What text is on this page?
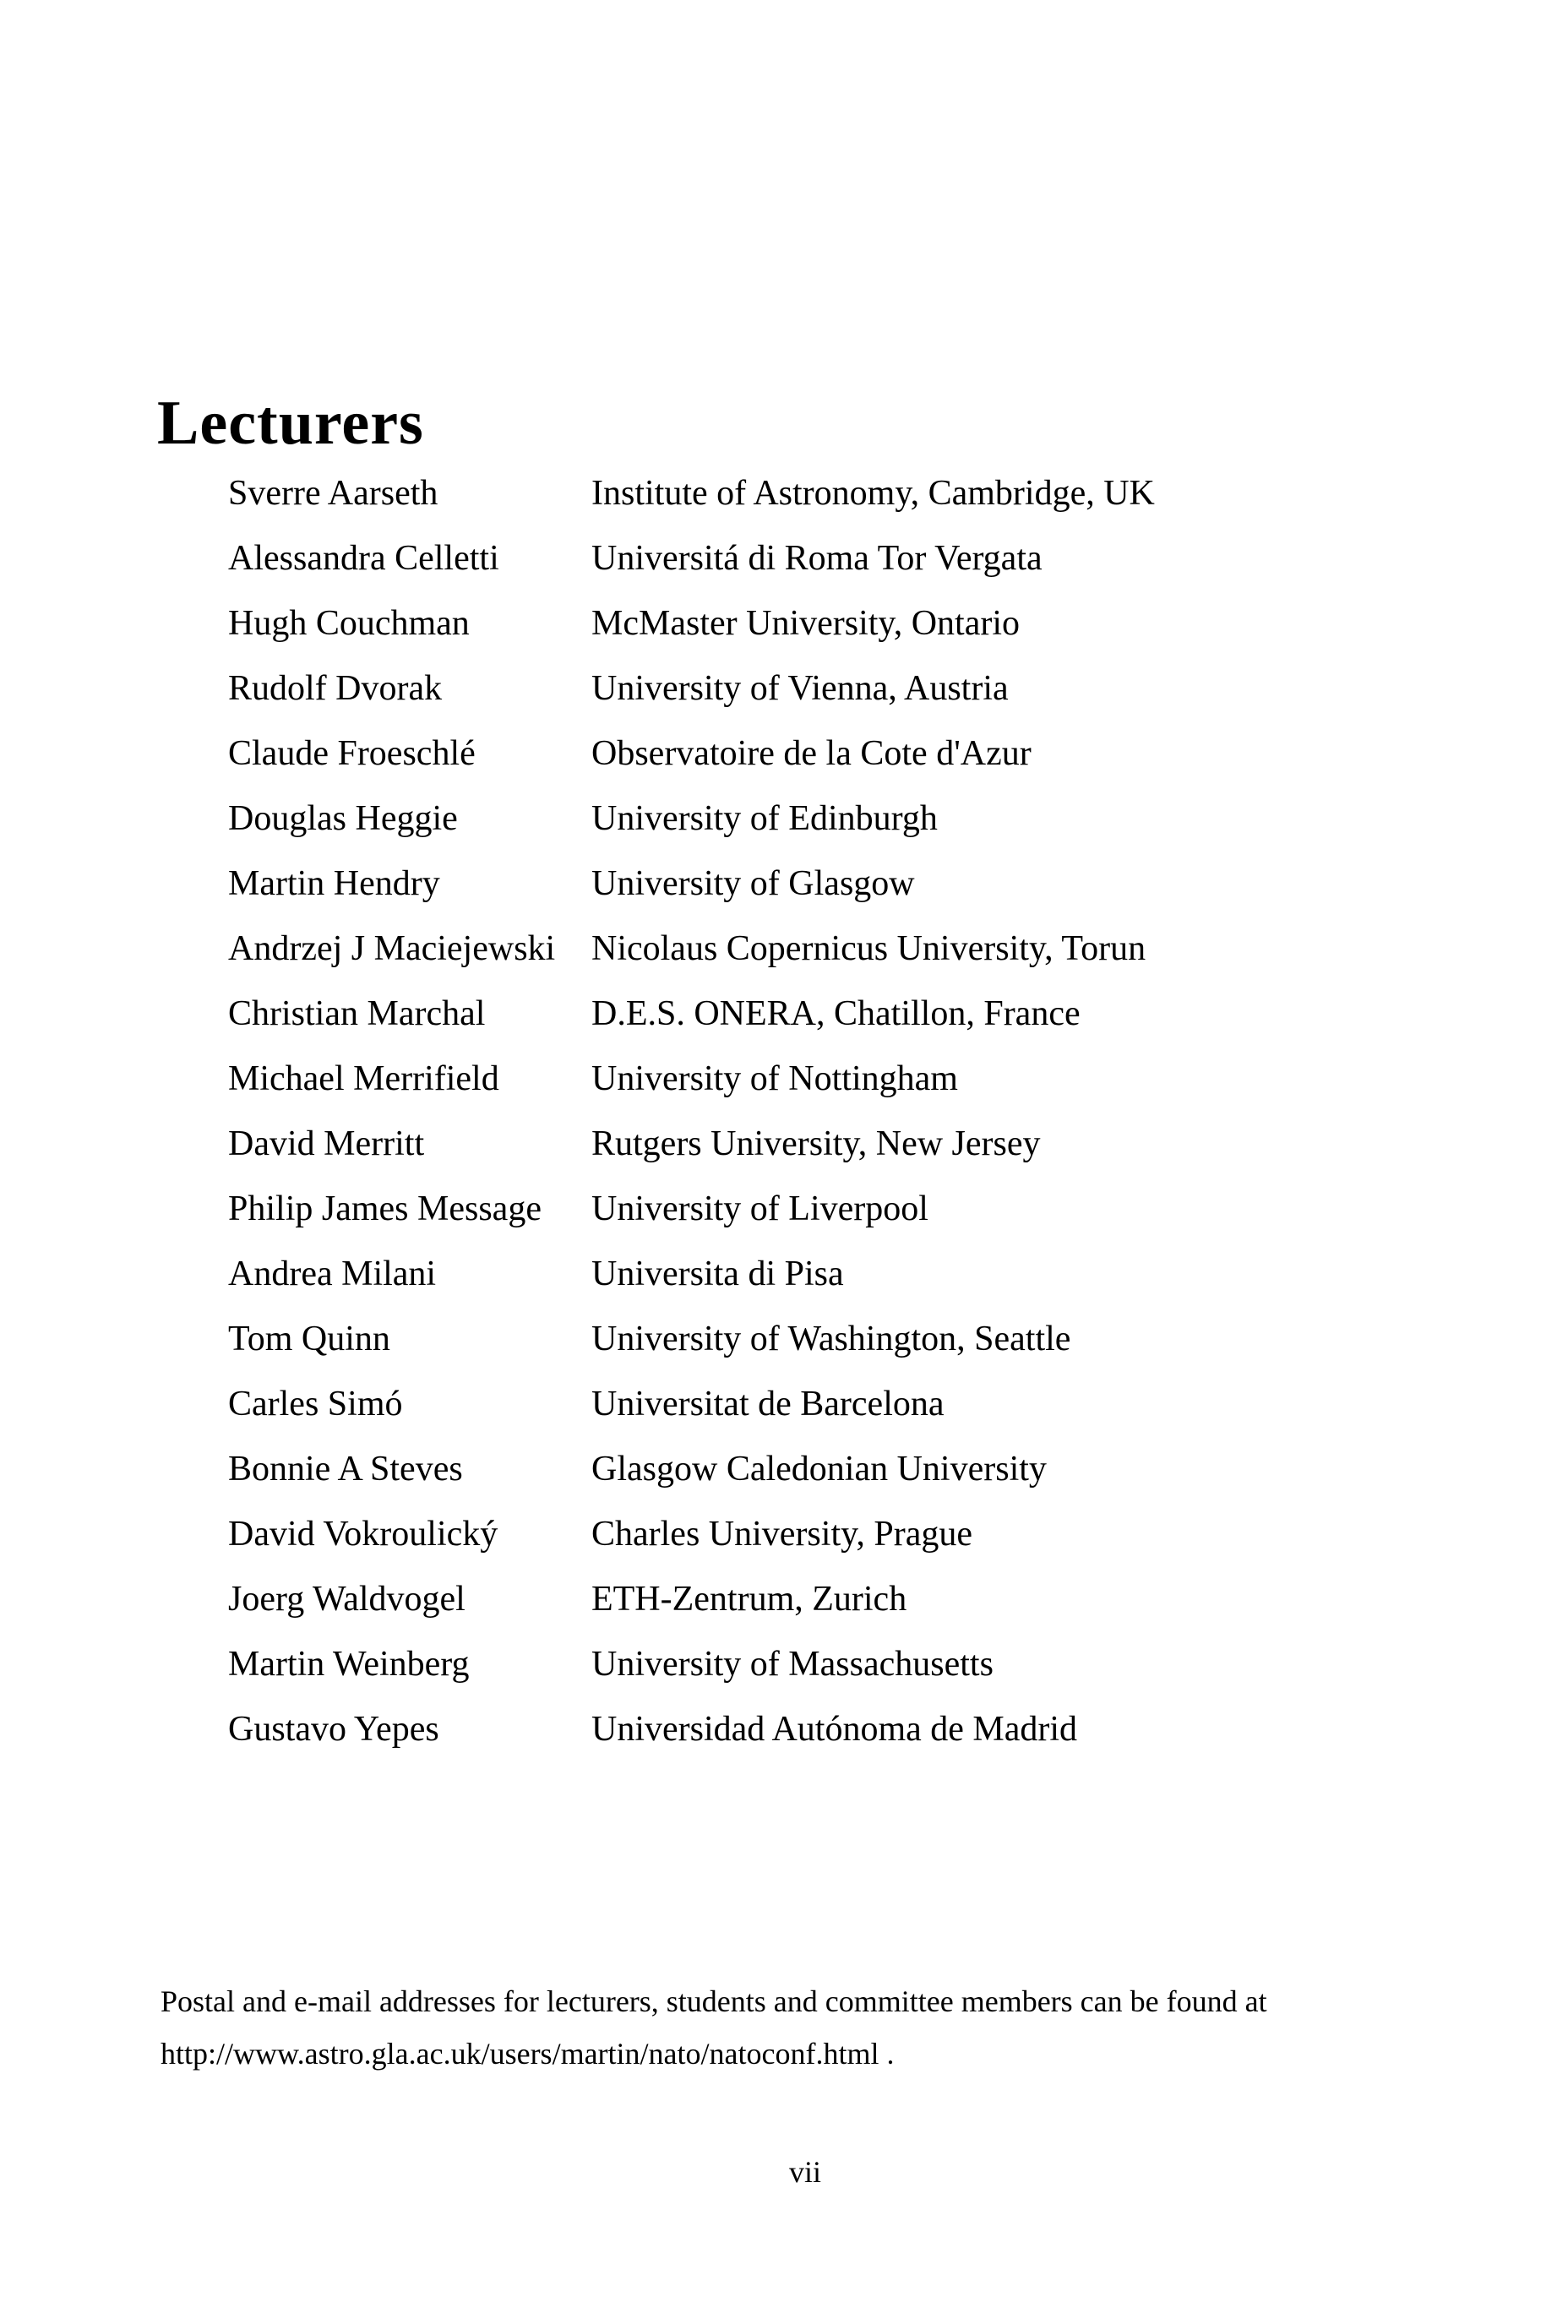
Lecturers
Sverre Aarseth	Institute of Astronomy, Cambridge, UK
Alessandra Celletti	Universitá di Roma Tor Vergata
Hugh Couchman	McMaster University, Ontario
Rudolf Dvorak	University of Vienna, Austria
Claude Froeschlé	Observatoire de la Cote d'Azur
Douglas Heggie	University of Edinburgh
Martin Hendry	University of Glasgow
Andrzej J Maciejewski	Nicolaus Copernicus University, Torun
Christian Marchal	D.E.S. ONERA, Chatillon, France
Michael Merrifield	University of Nottingham
David Merritt	Rutgers University, New Jersey
Philip James Message	University of Liverpool
Andrea Milani	Universita di Pisa
Tom Quinn	University of Washington, Seattle
Carles Simó	Universitat de Barcelona
Bonnie A Steves	Glasgow Caledonian University
David Vokroulický	Charles University, Prague
Joerg Waldvogel	ETH-Zentrum, Zurich
Martin Weinberg	University of Massachusetts
Gustavo Yepes	Universidad Autónoma de Madrid

Postal and e-mail addresses for lecturers, students and committee members can be found at
http://www.astro.gla.ac.uk/users/martin/nato/natoconf.html .

vii
